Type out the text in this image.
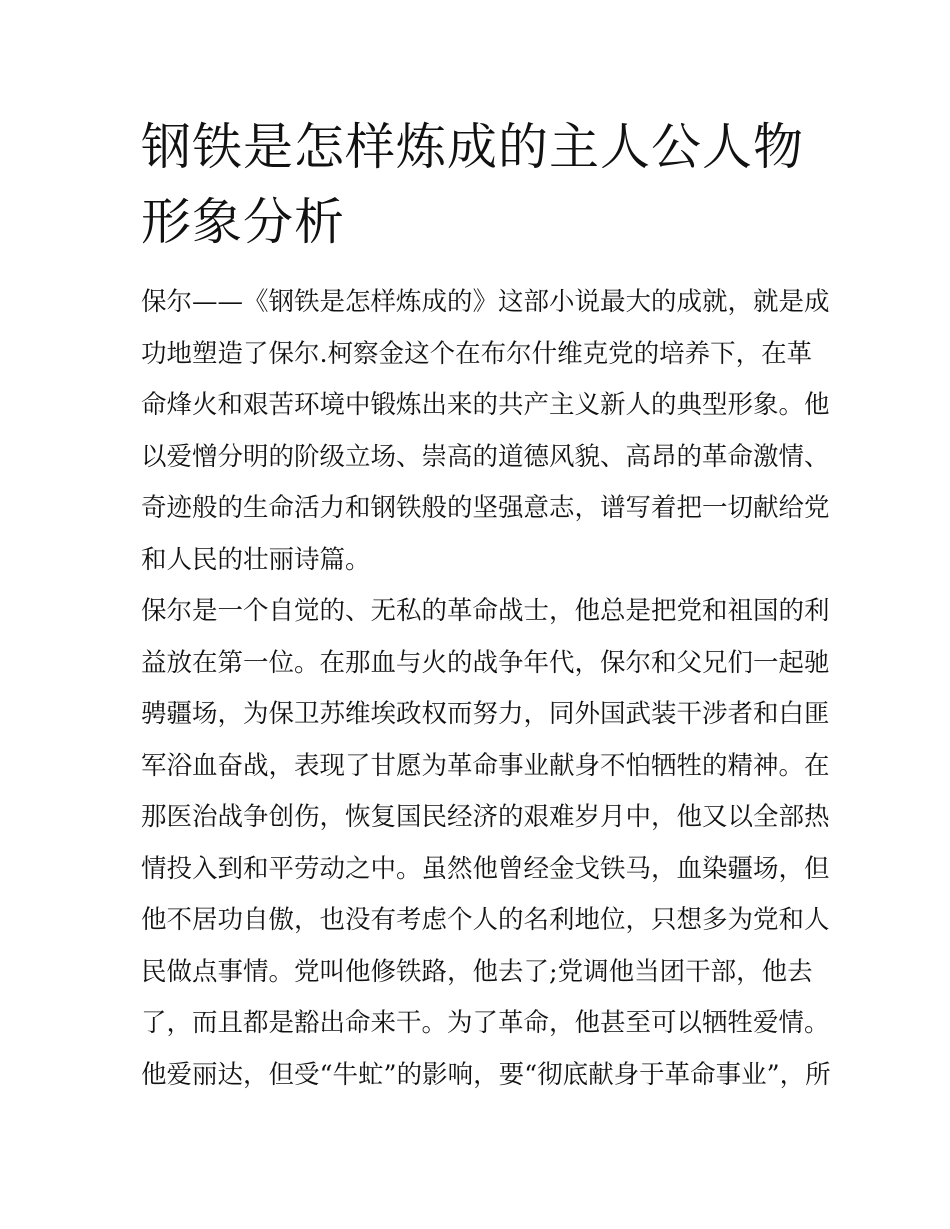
钢铁是怎样炼成的主人公人物
形象分析

保尔——《钢铁是怎样炼成的》这部小说最大的成就，就是成
功地塑造了保尔.柯察金这个在布尔什维克党的培养下，在革
命烽火和艰苦环境中锻炼出来的共产主义新人的典型形象。他
以爱憎分明的阶级立场、崇高的道德风貌、高昂的革命激情、
奇迹般的生命活力和钢铁般的坚强意志，谱写着把一切献给党
和人民的壮丽诗篇。

保尔是一个自觉的、无私的革命战士，他总是把党和祖国的利
益放在第一位。在那血与火的战争年代，保尔和父兄们一起驰
骋疆场，为保卫苏维埃政权而努力，同外国武装干涉者和白匪
军浴血奋战，表现了甘愿为革命事业献身不怕牺牲的精神。在
那医治战争创伤，恢复国民经济的艰难岁月中，他又以全部热
情投入到和平劳动之中。虽然他曾经金戈铁马，血染疆场，但
他不居功自傲，也没有考虑个人的名利地位，只想多为党和人
民做点事情。党叫他修铁路，他去了;党调他当团干部，他去
了，而且都是豁出命来干。为了革命，他甚至可以牺牲爱情。
他爱丽达，但受“牛虻”的影响，要“彻底献身于革命事业”，所
